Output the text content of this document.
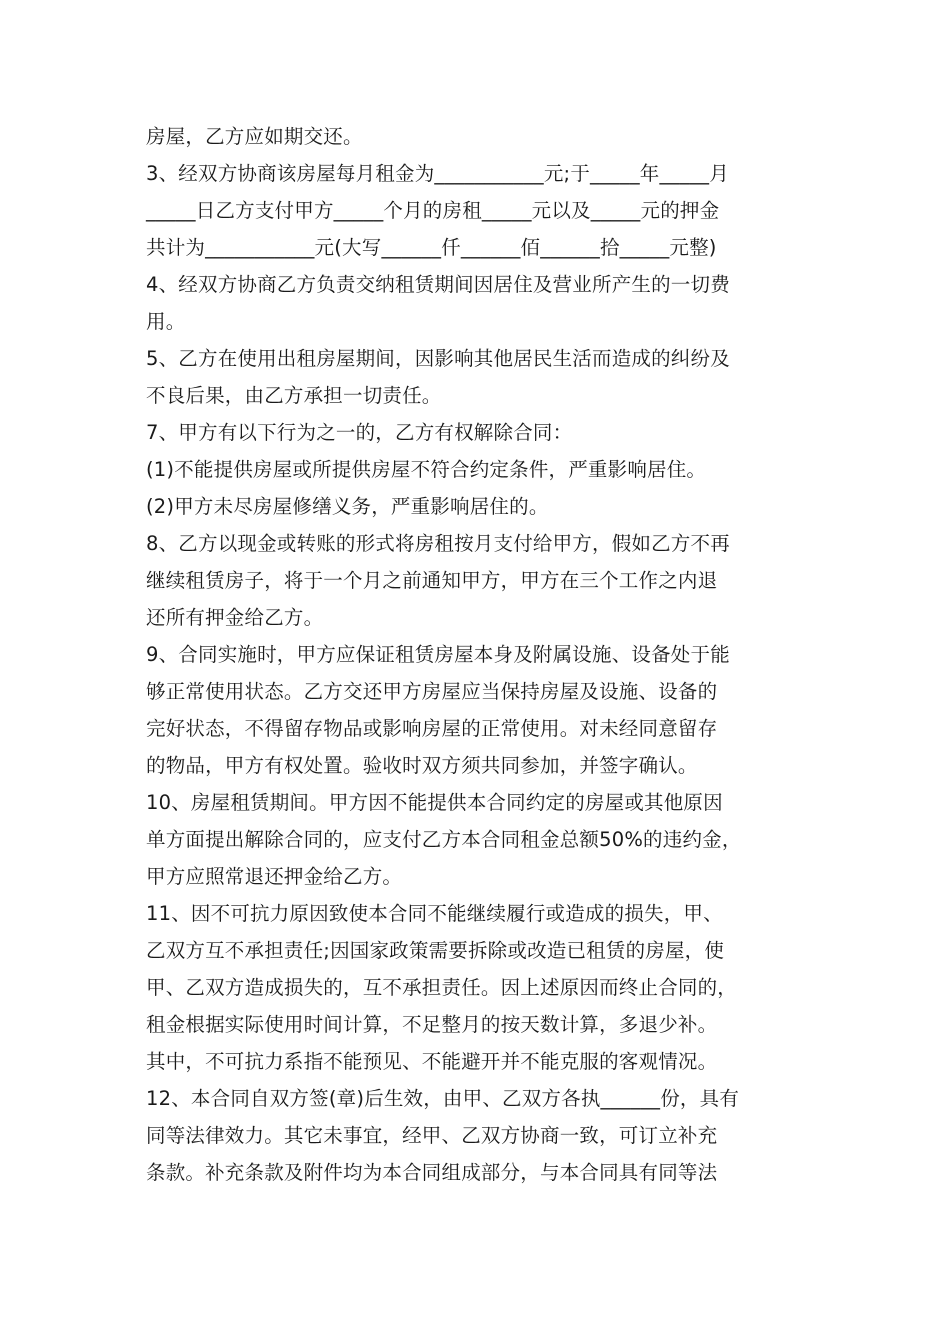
房屋，乙方应如期交还。
3、经双方协商该房屋每月租金为___________元;于_____年_____月
_____日乙方支付甲方_____个月的房租_____元以及_____元的押金
共计为___________元(大写______仟______佰______拾_____元整)
4、经双方协商乙方负责交纳租赁期间因居住及营业所产生的一切费
用。
5、乙方在使用出租房屋期间，因影响其他居民生活而造成的纠纷及
不良后果，由乙方承担一切责任。
7、甲方有以下行为之一的，乙方有权解除合同：
(1)不能提供房屋或所提供房屋不符合约定条件，严重影响居住。
(2)甲方未尽房屋修缮义务，严重影响居住的。
8、乙方以现金或转账的形式将房租按月支付给甲方，假如乙方不再
继续租赁房子，将于一个月之前通知甲方，甲方在三个工作之内退
还所有押金给乙方。
9、合同实施时，甲方应保证租赁房屋本身及附属设施、设备处于能
够正常使用状态。乙方交还甲方房屋应当保持房屋及设施、设备的
完好状态，不得留存物品或影响房屋的正常使用。对未经同意留存
的物品，甲方有权处置。验收时双方须共同参加，并签字确认。
10、房屋租赁期间。甲方因不能提供本合同约定的房屋或其他原因
单方面提出解除合同的，应支付乙方本合同租金总额50%的违约金，
甲方应照常退还押金给乙方。
11、因不可抗力原因致使本合同不能继续履行或造成的损失，甲、
乙双方互不承担责任;因国家政策需要拆除或改造已租赁的房屋，使
甲、乙双方造成损失的，互不承担责任。因上述原因而终止合同的，
租金根据实际使用时间计算，不足整月的按天数计算，多退少补。
其中，不可抗力系指不能预见、不能避开并不能克服的客观情况。
12、本合同自双方签(章)后生效，由甲、乙双方各执______份，具有
同等法律效力。其它未事宜，经甲、乙双方协商一致，可订立补充
条款。补充条款及附件均为本合同组成部分，与本合同具有同等法
